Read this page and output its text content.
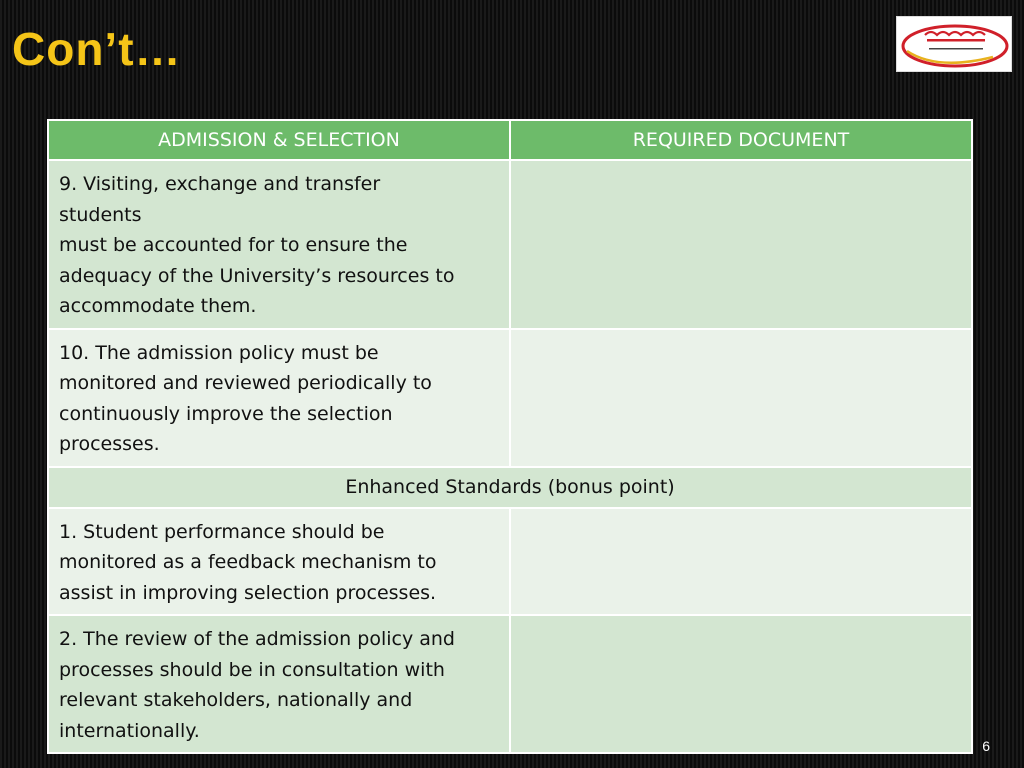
Con’t…
ADMISSION & SELECTION	REQUIRED DOCUMENT

9. Visiting, exchange and transfer
students
must be accounted for to ensure the
adequacy of the University’s resources to
accommodate them.	

10. The admission policy must be
monitored and reviewed periodically to
continuously improve the selection
processes.	

Enhanced Standards (bonus point)	

1. Student performance should be
monitored as a feedback mechanism to
assist in improving selection processes.	

2. The review of the admission policy and
processes should be in consultation with
relevant stakeholders, nationally and
internationally.	

6
